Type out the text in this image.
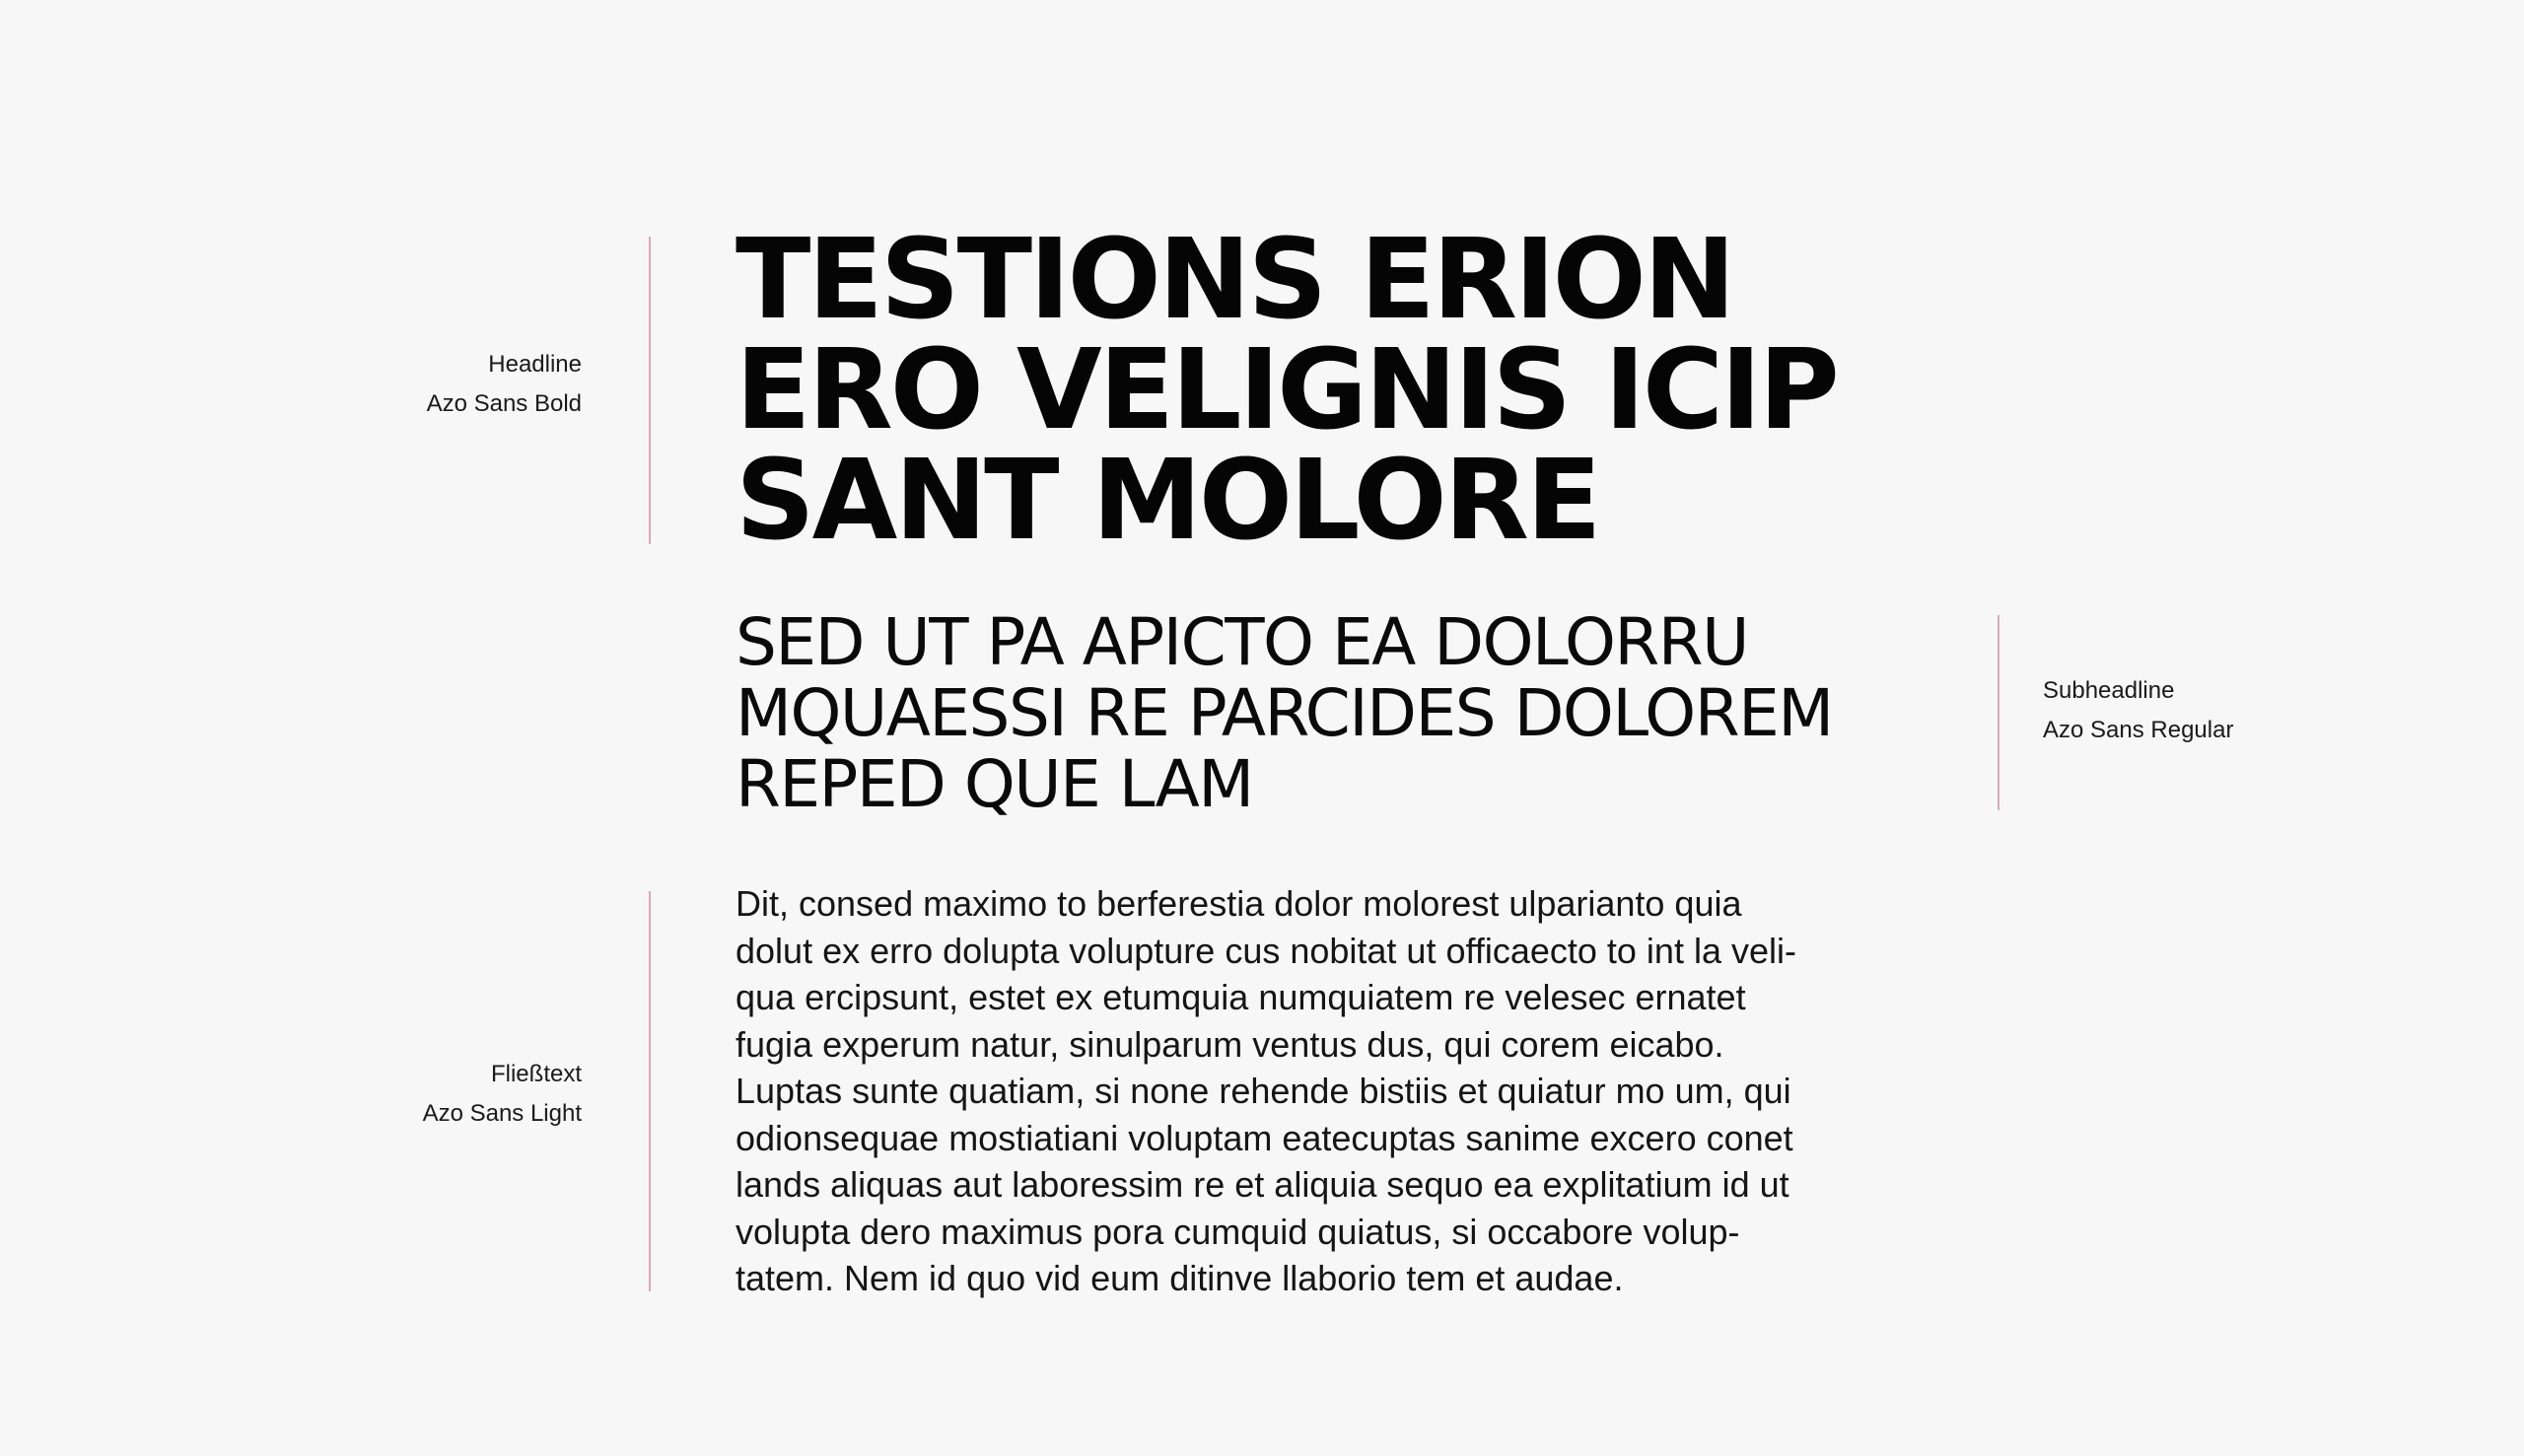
Headline
Azo Sans Bold
TESTIONS ERION
ERO VELIGNIS ICIP
SANT MOLORE
SED UT PA APICTO EA DOLORRU
MQUAESSI RE PARCIDES DOLOREM
REPED QUE LAM
Subheadline
Azo Sans Regular
Fließtext
Azo Sans Light

Dit, consed maximo to berferestia dolor molorest ulparianto quia
dolut ex erro dolupta volupture cus nobitat ut officaecto to int la veli-
qua ercipsunt, estet ex etumquia numquiatem re velesec ernatet
fugia experum natur, sinulparum ventus dus, qui corem eicabo.
Luptas sunte quatiam, si none rehende bistiis et quiatur mo um, qui
odionsequae mostiatiani voluptam eatecuptas sanime excero conet
lands aliquas aut laboressim re et aliquia sequo ea explitatium id ut
volupta dero maximus pora cumquid quiatus, si occabore volup-
tatem. Nem id quo vid eum ditinve llaborio tem et audae.
